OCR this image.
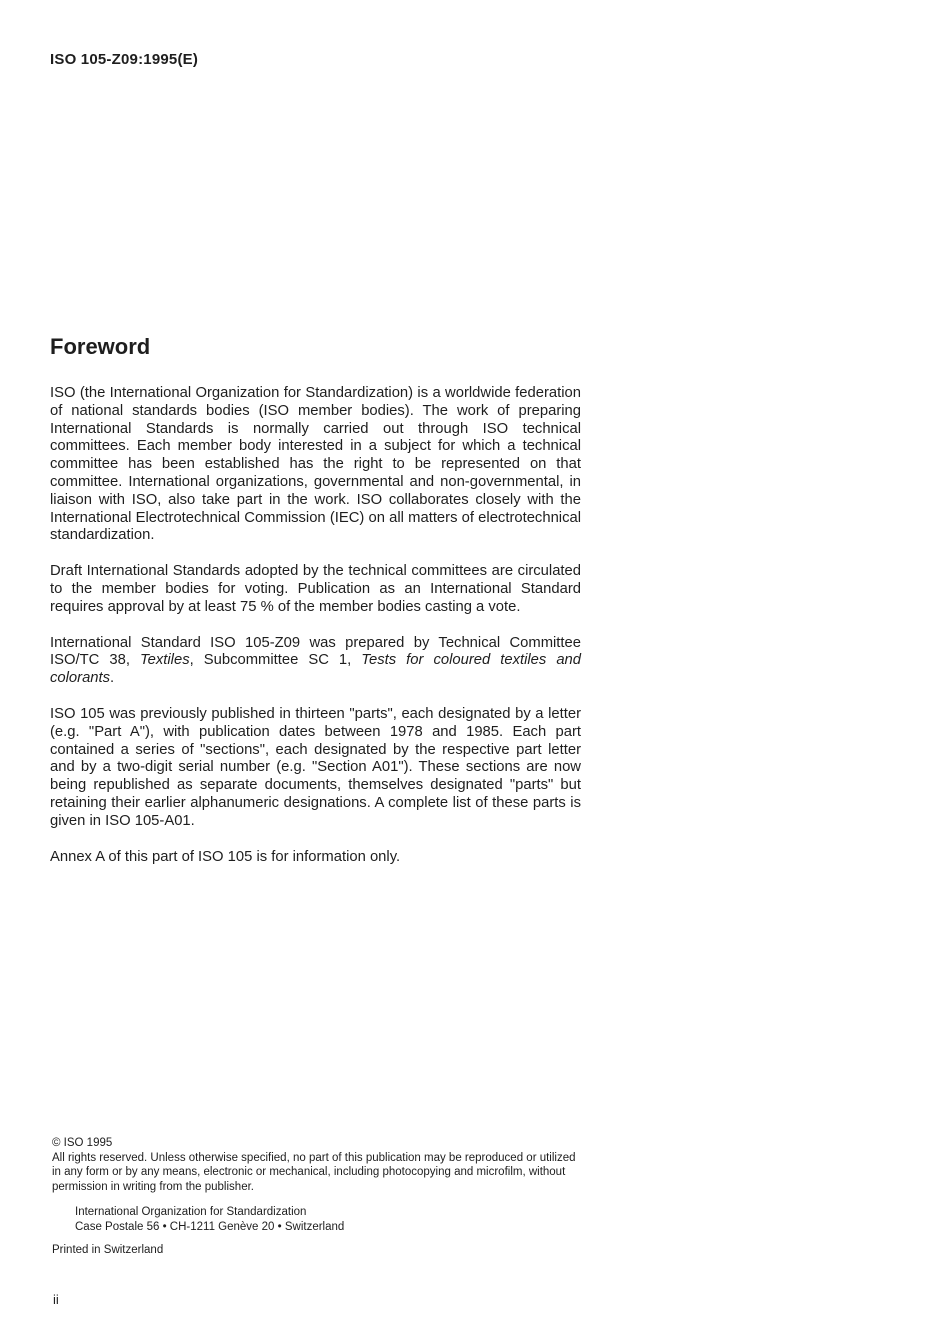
ISO 105-Z09:1995(E)
Foreword

ISO (the International Organization for Standardization) is a worldwide federation of national standards bodies (ISO member bodies). The work of preparing International Standards is normally carried out through ISO technical committees. Each member body interested in a subject for which a technical committee has been established has the right to be represented on that committee. International organizations, governmental and non-governmental, in liaison with ISO, also take part in the work. ISO collaborates closely with the International Electrotechnical Commission (IEC) on all matters of electrotechnical standardization.

Draft International Standards adopted by the technical committees are circulated to the member bodies for voting. Publication as an International Standard requires approval by at least 75 % of the member bodies casting a vote.

International Standard ISO 105-Z09 was prepared by Technical Committee ISO/TC 38, Textiles, Subcommittee SC 1, Tests for coloured textiles and colorants.

ISO 105 was previously published in thirteen "parts", each designated by a letter (e.g. "Part A"), with publication dates between 1978 and 1985. Each part contained a series of "sections", each designated by the respective part letter and by a two-digit serial number (e.g. "Section A01"). These sections are now being republished as separate documents, themselves designated "parts" but retaining their earlier alphanumeric designations. A complete list of these parts is given in ISO 105-A01.

Annex A of this part of ISO 105 is for information only.

© ISO 1995

All rights reserved. Unless otherwise specified, no part of this publication may be reproduced or utilized in any form or by any means, electronic or mechanical, including photocopying and microfilm, without permission in writing from the publisher.

International Organization for Standardization

Case Postale 56 • CH-1211 Genève 20 • Switzerland

Printed in Switzerland

ii
